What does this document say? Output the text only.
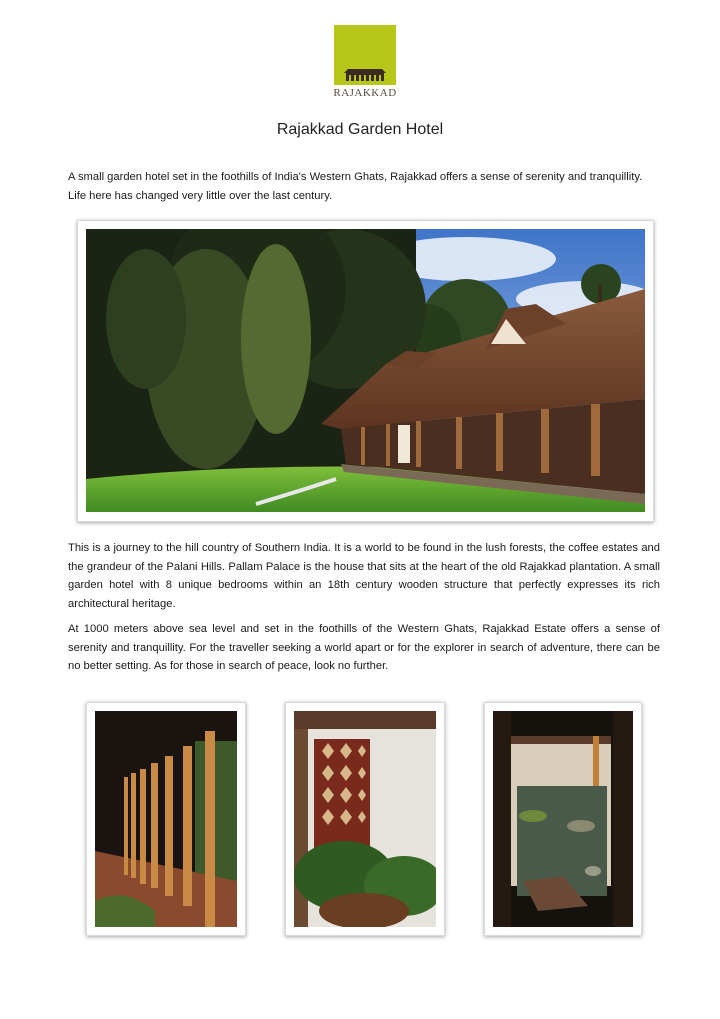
RAJAKKAD
Rajakkad Garden Hotel

A small garden hotel set in the foothills of India's Western Ghats, Rajakkad offers a sense of serenity and tranquillity. Life here has changed very little over the last century.

This is a journey to the hill country of Southern India. It is a world to be found in the lush forests, the coffee estates and the grandeur of the Palani Hills. Pallam Palace is the house that sits at the heart of the old Rajakkad plantation. A small garden hotel with 8 unique bedrooms within an 18th century wooden structure that perfectly expresses its rich architectural heritage.

At 1000 meters above sea level and set in the foothills of the Western Ghats, Rajakkad Estate offers a sense of serenity and tranquillity. For the traveller seeking a world apart or for the explorer in search of adventure, there can be no better setting. As for those in search of peace, look no further.
